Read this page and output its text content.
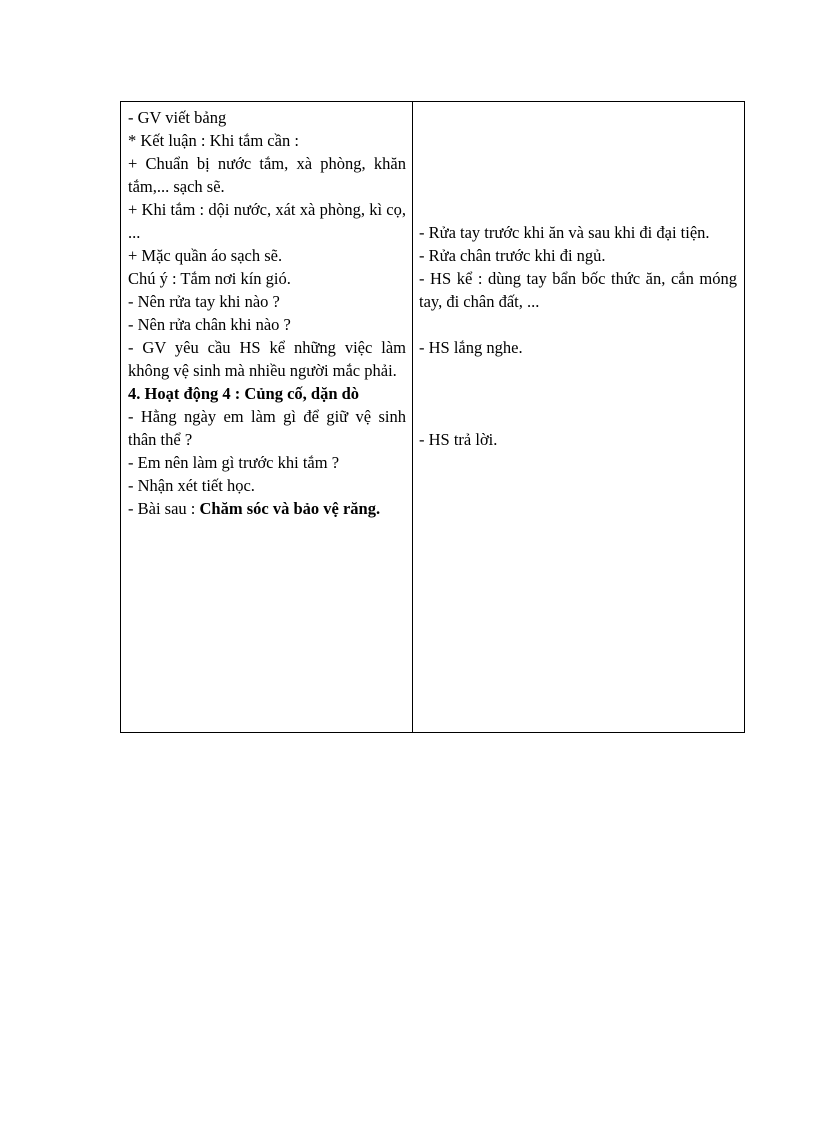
- GV viết bảng

* Kết luận : Khi tắm cần :

+ Chuẩn bị nước tắm, xà phòng, khăn tắm,... sạch sẽ.

+ Khi tắm : dội nước, xát xà phòng, kì cọ, ...

+ Mặc quần áo sạch sẽ.

Chú ý : Tắm nơi kín gió.

- Nên rửa tay khi nào ?

- Nên rửa chân khi nào ?

- GV yêu cầu HS kể những việc làm không vệ sinh mà nhiều người mắc phải.

4. Hoạt động 4 : Củng cố, dặn dò

- Hằng ngày em làm gì để giữ vệ sinh thân thể ?

- Em nên làm gì trước khi tắm ?

- Nhận xét tiết học.

- Bài sau : Chăm sóc và bảo vệ răng.

- Rửa tay trước khi ăn và sau khi đi đại tiện.

- Rửa chân trước khi đi ngủ.

- HS kể : dùng tay bẩn bốc thức ăn, cắn móng tay, đi chân đất, ...

- HS lắng nghe.

- HS trả lời.
